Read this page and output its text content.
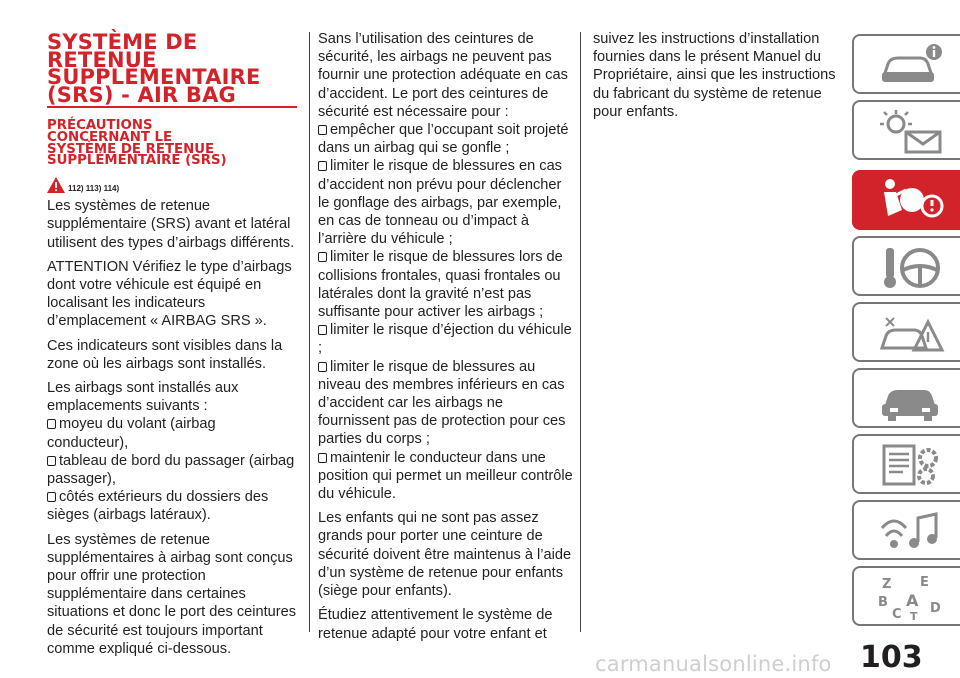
SYSTÈME DE
RETENUE
SUPPLÉMENTAIRE
(SRS) - AIR BAG
PRÉCAUTIONS
CONCERNANT LE
SYSTÈME DE RETENUE
SUPPLÉMENTAIRE (SRS)
112) 113) 114)

Les systèmes de retenue supplémentaire (SRS) avant et latéral utilisent des types d’airbags différents.

ATTENTION Vérifiez le type d’airbags dont votre véhicule est équipé en localisant les indicateurs d’emplacement « AIRBAG SRS ».

Ces indicateurs sont visibles dans la zone où les airbags sont installés.

Les airbags sont installés aux emplacements suivants :

moyeu du volant (airbag conducteur),
tableau de bord du passager (airbag passager),
côtés extérieurs du dossiers des sièges (airbags latéraux).

Les systèmes de retenue supplémentaires à airbag sont conçus pour offrir une protection supplémentaire dans certaines situations et donc le port des ceintures de sécurité est toujours important comme expliqué ci-dessous.

Sans l’utilisation des ceintures de sécurité, les airbags ne peuvent pas fournir une protection adéquate en cas d’accident. Le port des ceintures de sécurité est nécessaire pour :

empêcher que l’occupant soit projeté dans un airbag qui se gonfle ;
limiter le risque de blessures en cas d’accident non prévu pour déclencher le gonflage des airbags, par exemple, en cas de tonneau ou d’impact à l’arrière du véhicule ;
limiter le risque de blessures lors de collisions frontales, quasi frontales ou latérales dont la gravité n’est pas suffisante pour activer les airbags ;
limiter le risque d’éjection du véhicule ;
limiter le risque de blessures au niveau des membres inférieurs en cas d’accident car les airbags ne fournissent pas de protection pour ces parties du corps ;
maintenir le conducteur dans une position qui permet un meilleur contrôle du véhicule.

Les enfants qui ne sont pas assez grands pour porter une ceinture de sécurité doivent être maintenus à l’aide d’un système de retenue pour enfants (siège pour enfants).

Étudiez attentivement le système de retenue adapté pour votre enfant et

suivez les instructions d’installation fournies dans le présent Manuel du Propriétaire, ainsi que les instructions du fabricant du système de retenue pour enfants.

Z E
B A D
C T
103
carmanualsonline.info
